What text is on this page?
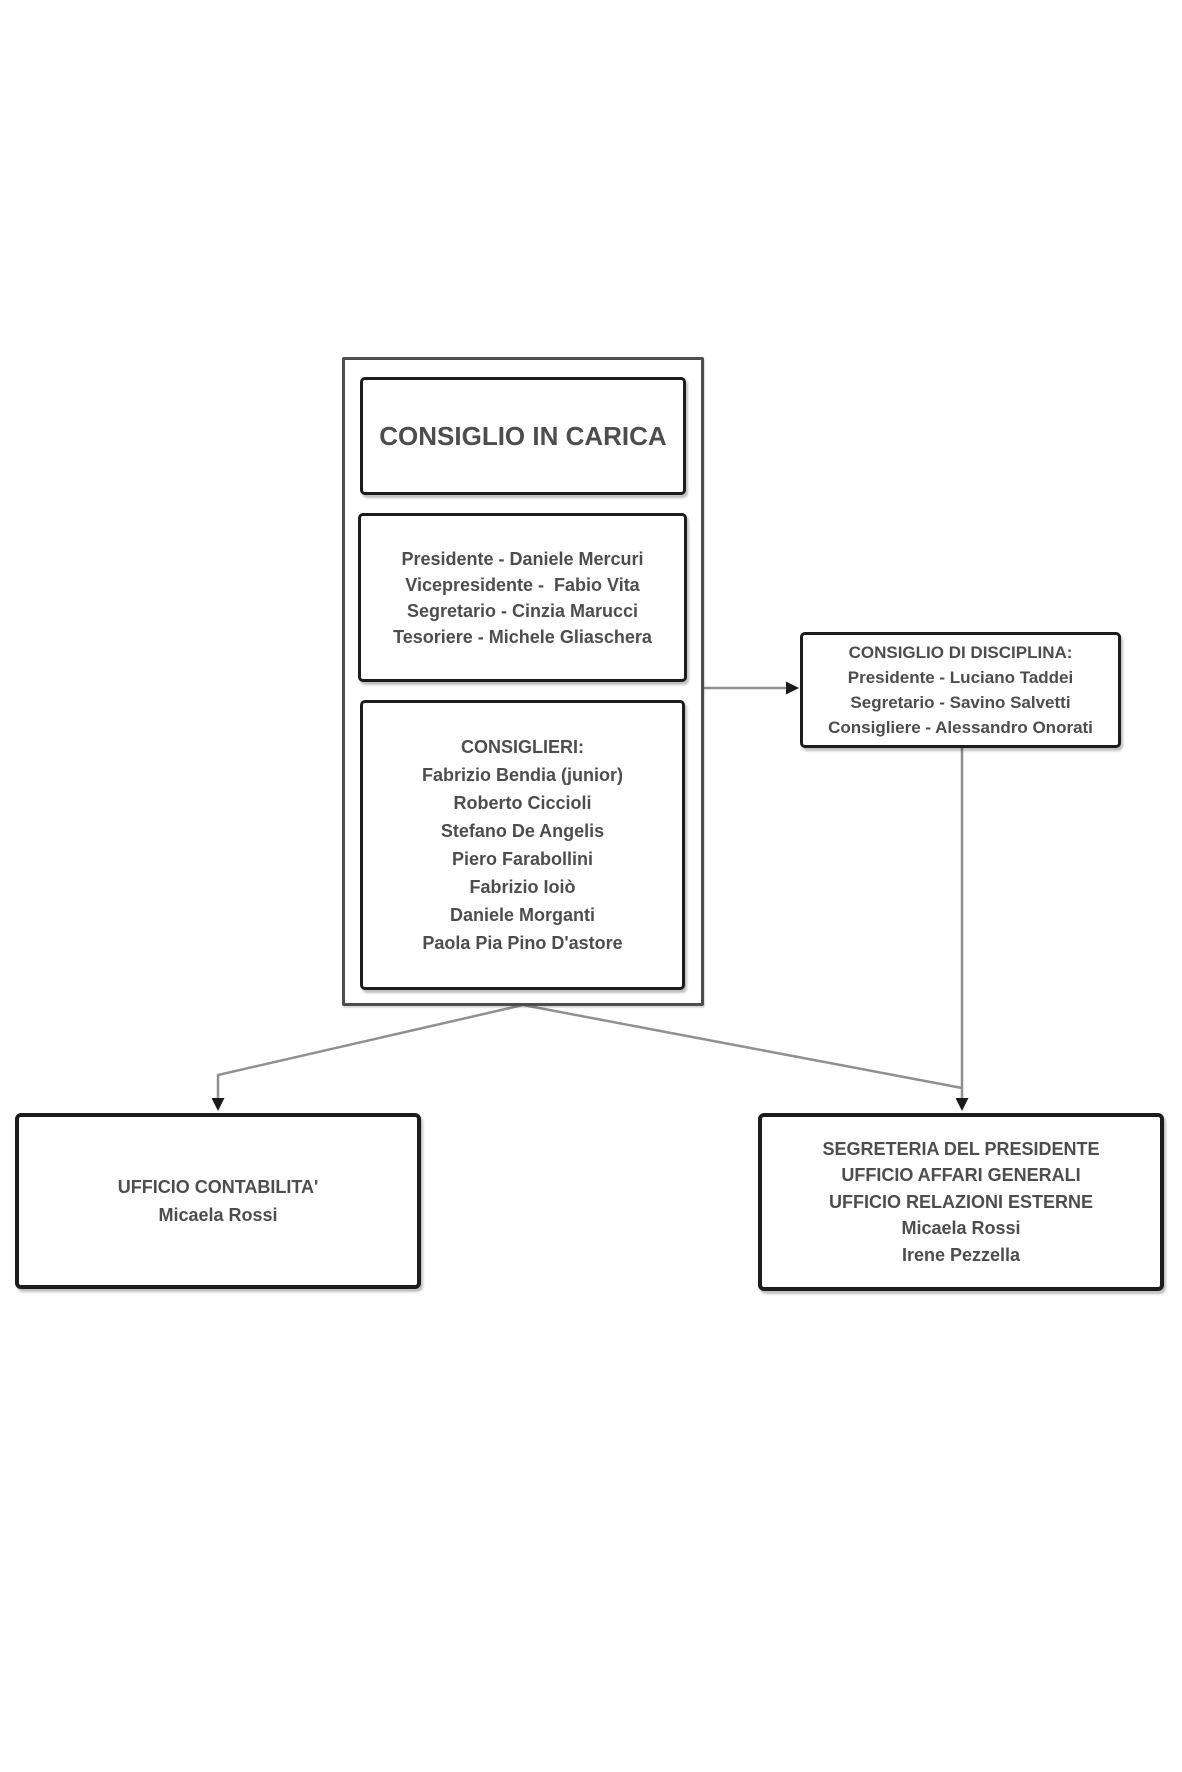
CONSIGLIO IN CARICA
Presidente - Daniele Mercuri
Vicepresidente -  Fabio Vita
Segretario - Cinzia Marucci
Tesoriere - Michele Gliaschera
CONSIGLIERI:
Fabrizio Bendia (junior)
Roberto Ciccioli
Stefano De Angelis
Piero Farabollini
Fabrizio Ioiò
Daniele Morganti
Paola Pia Pino D'astore
CONSIGLIO DI DISCIPLINA:
Presidente - Luciano Taddei
Segretario - Savino Salvetti
Consigliere - Alessandro Onorati
UFFICIO CONTABILITA'
Micaela Rossi
SEGRETERIA DEL PRESIDENTE
UFFICIO AFFARI GENERALI
UFFICIO RELAZIONI ESTERNE
Micaela Rossi
Irene Pezzella
